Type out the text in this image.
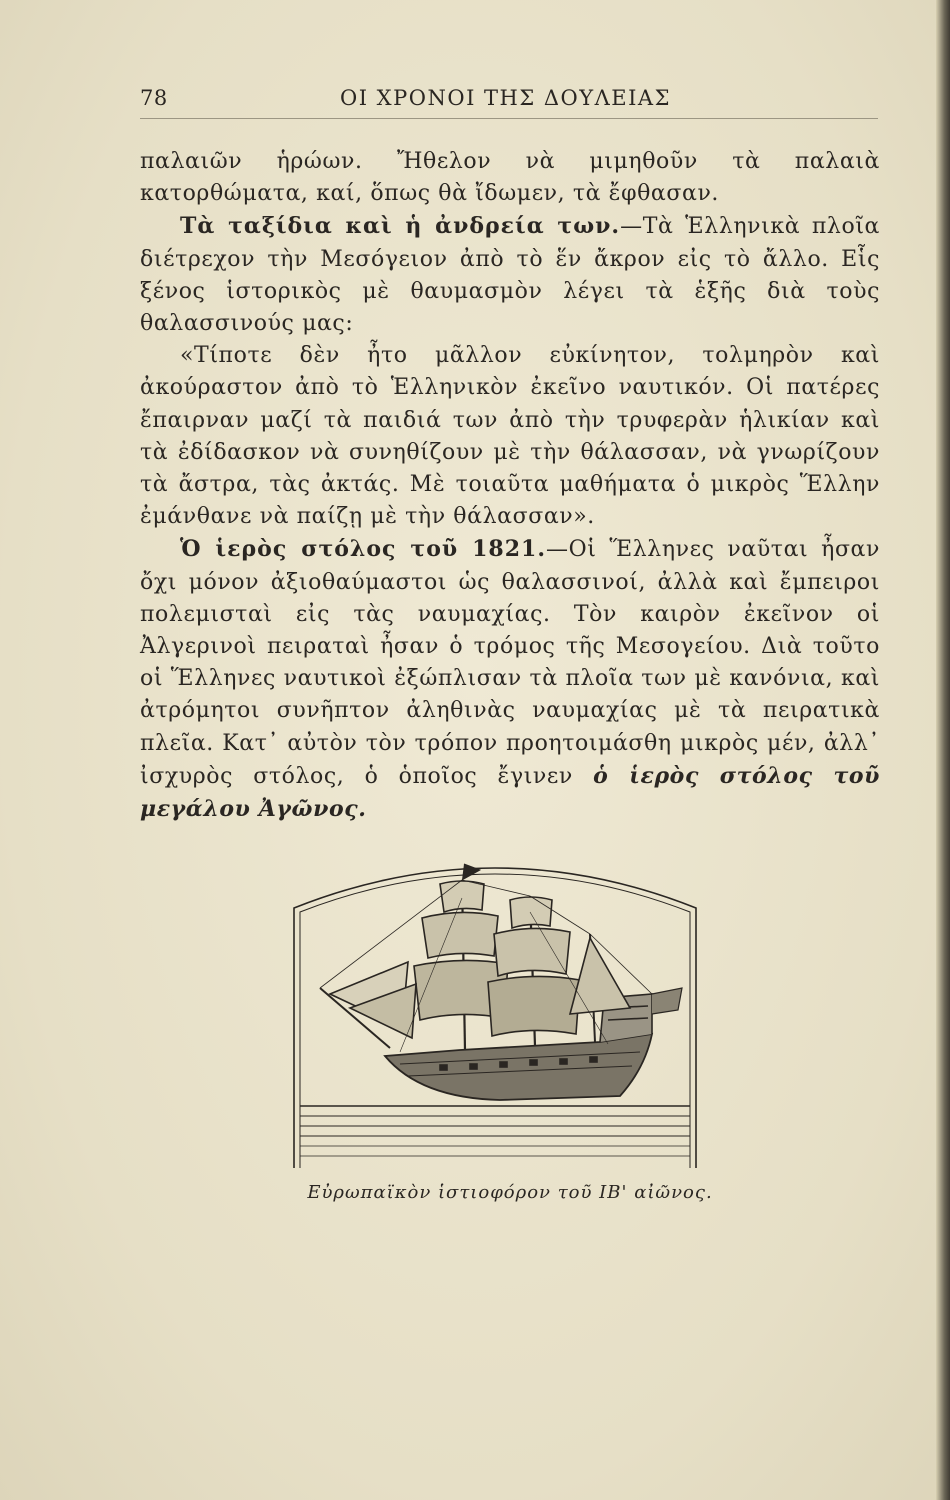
78	ΟΙ ΧΡΟΝΟΙ ΤΗΣ ΔΟΥΛΕΙΑΣ

παλαιῶν ἡρώων. Ἤθελον νὰ μιμηθοῦν τὰ παλαιὰ κατορθώματα, καί, ὅπως θὰ ἴδωμεν, τὰ ἔφθασαν.

Τὰ ταξίδια καὶ ἡ ἀνδρεία των.—Τὰ Ἑλληνικὰ πλοῖα διέτρεχον τὴν Μεσόγειον ἀπὸ τὸ ἕν ἄκρον εἰς τὸ ἄλλο. Εἷς ξένος ἱστορικὸς μὲ θαυμασμὸν λέγει τὰ ἑξῆς διὰ τοὺς θαλασσινούς μας:

«Τίποτε δὲν ἦτο μᾶλλον εὐκίνητον, τολμηρὸν καὶ ἀκούραστον ἀπὸ τὸ Ἑλληνικὸν ἐκεῖνο ναυτικόν. Οἱ πατέρες ἔπαιρναν μαζί τὰ παιδιά των ἀπὸ τὴν τρυφερὰν ἡλικίαν καὶ τὰ ἐδίδασκον νὰ συνηθίζουν μὲ τὴν θάλασσαν, νὰ γνωρίζουν τὰ ἄστρα, τὰς ἀκτάς. Μὲ τοιαῦτα μαθήματα ὁ μικρὸς Ἕλλην ἐμάνθανε νὰ παίζῃ μὲ τὴν θάλασσαν».

Ὁ ἱερὸς στόλος τοῦ 1821.—Οἱ Ἕλληνες ναῦται ἦσαν ὄχι μόνον ἀξιοθαύμαστοι ὡς θαλασσινοί, ἀλλὰ καὶ ἔμπειροι πολεμισταὶ εἰς τὰς ναυμαχίας. Τὸν καιρὸν ἐκεῖνον οἱ Ἀλγερινοὶ πειραταὶ ἦσαν ὁ τρόμος τῆς Μεσογείου. Διὰ τοῦτο οἱ Ἕλληνες ναυτικοὶ ἐξώπλισαν τὰ πλοῖα των μὲ κανόνια, καὶ ἀτρόμητοι συνῆπτον ἀληθινὰς ναυμαχίας μὲ τὰ πειρατικὰ πλεῖα. Κατ᾽ αὐτὸν τὸν τρόπον προητοιμάσθη μικρὸς μέν, ἀλλ᾽ ἰσχυρὸς στόλος, ὁ ὁποῖος ἔγινεν ὁ ἱερὸς στόλος τοῦ μεγάλου Ἀγῶνος.

Εὐρωπαϊκὸν ἱστιοφόρον τοῦ ΙΒ' αἰῶνος.
